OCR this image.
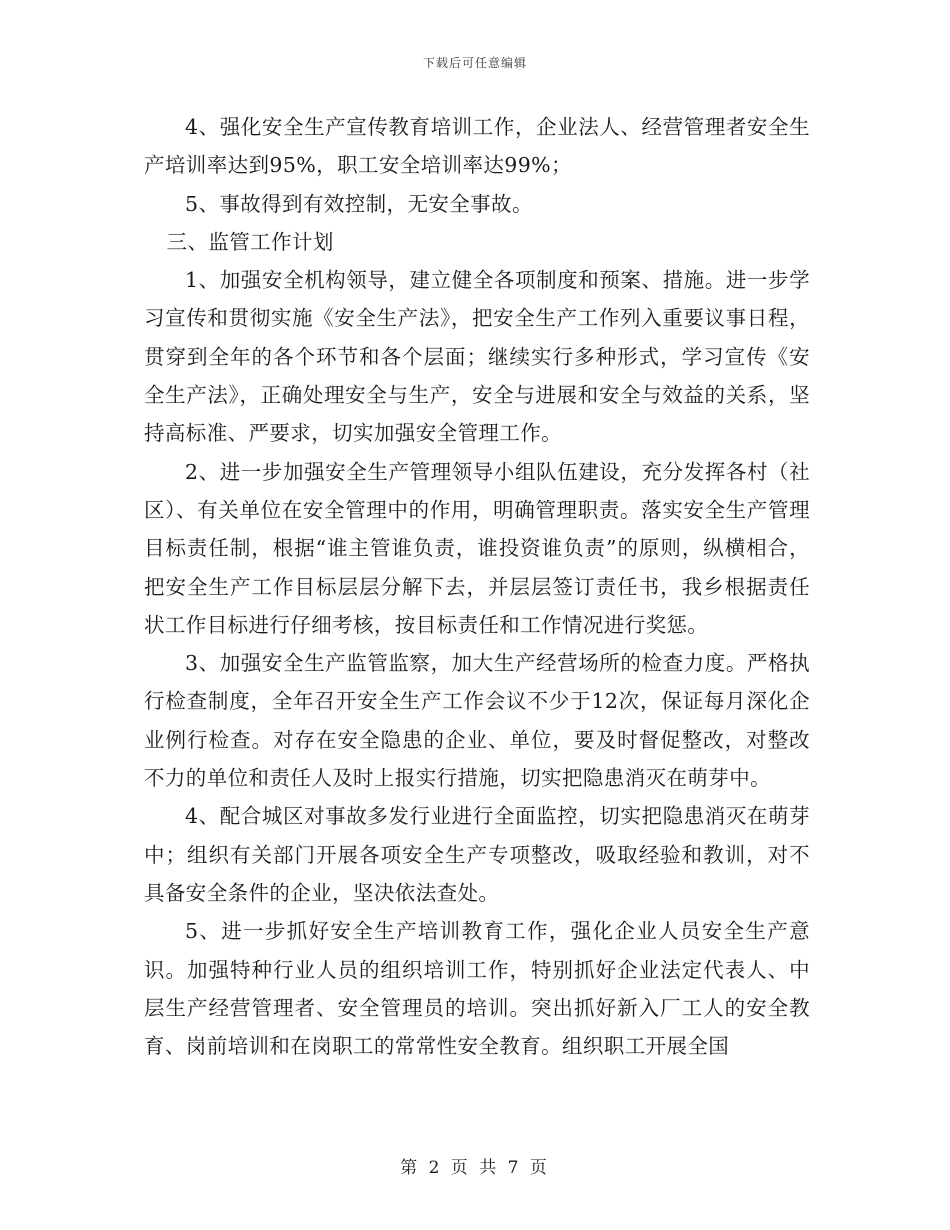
下载后可任意编辑

4、强化安全生产宣传教育培训工作，企业法人、经营管理者安全生产培训率达到95%，职工安全培训率达99%；

5、事故得到有效控制，无安全事故。

三、监管工作计划

1、加强安全机构领导，建立健全各项制度和预案、措施。进一步学习宣传和贯彻实施《安全生产法》，把安全生产工作列入重要议事日程，贯穿到全年的各个环节和各个层面；继续实行多种形式，学习宣传《安全生产法》，正确处理安全与生产，安全与进展和安全与效益的关系，坚持高标准、严要求，切实加强安全管理工作。

2、进一步加强安全生产管理领导小组队伍建设，充分发挥各村（社区）、有关单位在安全管理中的作用，明确管理职责。落实安全生产管理目标责任制，根据“谁主管谁负责，谁投资谁负责”的原则，纵横相合，把安全生产工作目标层层分解下去，并层层签订责任书，我乡根据责任状工作目标进行仔细考核，按目标责任和工作情况进行奖惩。

3、加强安全生产监管监察，加大生产经营场所的检查力度。严格执行检查制度，全年召开安全生产工作会议不少于12次，保证每月深化企业例行检查。对存在安全隐患的企业、单位，要及时督促整改，对整改不力的单位和责任人及时上报实行措施，切实把隐患消灭在萌芽中。

4、配合城区对事故多发行业进行全面监控，切实把隐患消灭在萌芽中；组织有关部门开展各项安全生产专项整改，吸取经验和教训，对不具备安全条件的企业，坚决依法查处。

5、进一步抓好安全生产培训教育工作，强化企业人员安全生产意识。加强特种行业人员的组织培训工作，特别抓好企业法定代表人、中层生产经营管理者、安全管理员的培训。突出抓好新入厂工人的安全教育、岗前培训和在岗职工的常常性安全教育。组织职工开展全国

第 2 页 共 7 页
